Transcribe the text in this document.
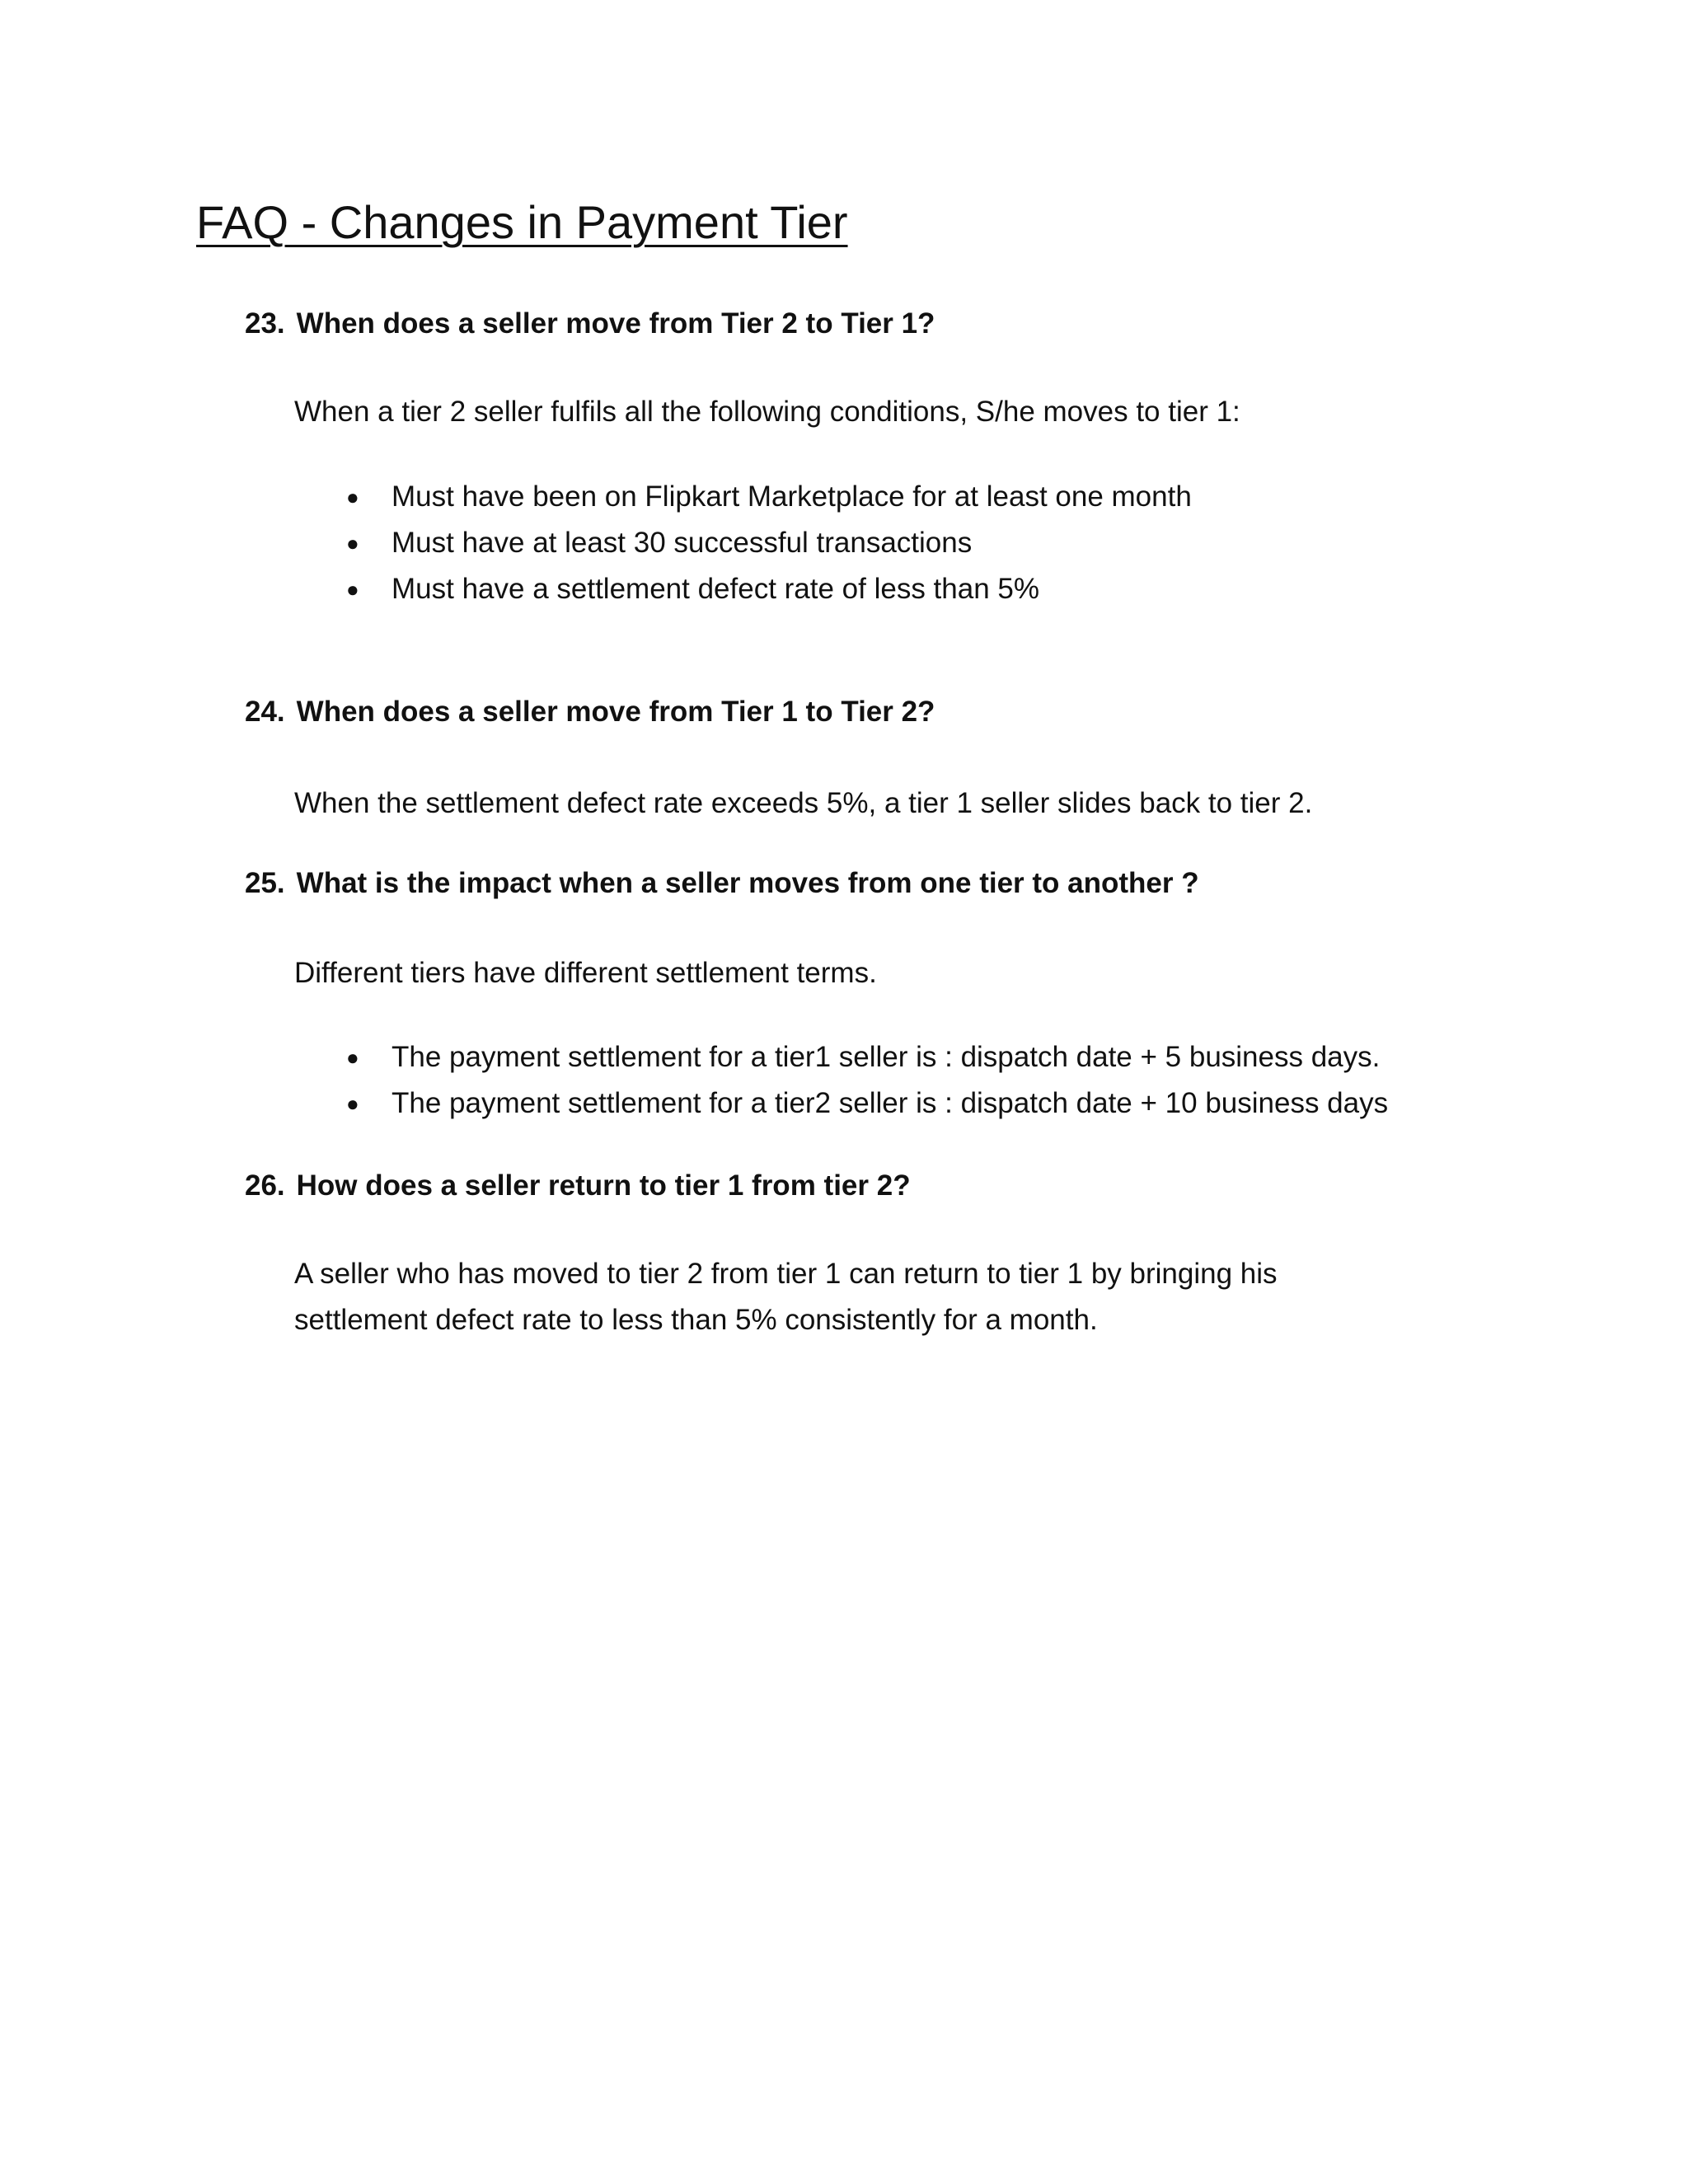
FAQ - Changes in Payment Tier

23. When does a seller move from Tier 2 to Tier 1?

When a tier 2 seller fulfils all the following conditions, S/he moves to tier 1:

● Must have been on Flipkart Marketplace for at least one month
● Must have at least 30 successful transactions
● Must have a settlement defect rate of less than 5%

24. When does a seller move from Tier 1 to Tier 2?

When the settlement defect rate exceeds 5%, a tier 1 seller slides back to tier 2.

25. What is the impact when a seller moves from one tier to another ?

Different tiers have different settlement terms.

● The payment settlement for a tier1 seller is : dispatch date + 5 business days.
● The payment settlement for a tier2 seller is : dispatch date + 10 business days

26. How does a seller return to tier 1 from tier 2?

A seller who has moved to tier 2 from tier 1 can return to tier 1 by bringing his

settlement defect rate to less than 5% consistently for a month.
